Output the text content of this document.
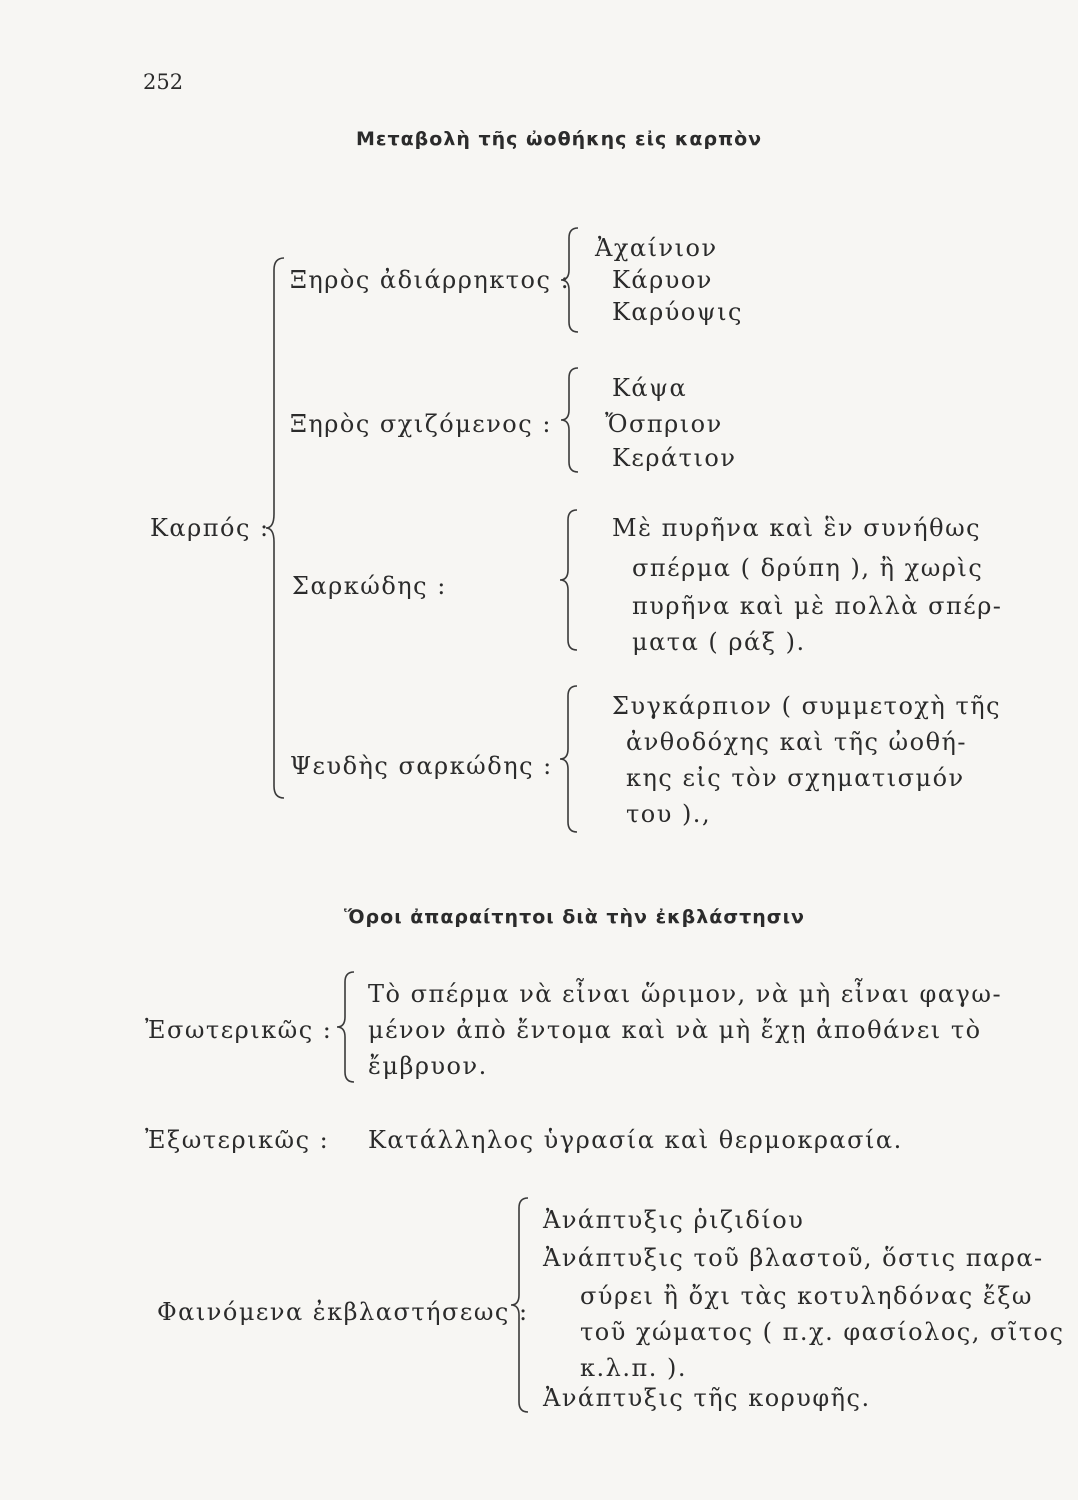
252
Μεταβολὴ τῆς ὠοθήκης εἰς καρπὸν
Καρπός :
Ξηρὸς ἀδιάρρηκτος :
Ἀχαίνιον
Κάρυον
Καρύοψις
Ξηρὸς σχιζόμενος :
Κάψα
Ὄσπριον
Κεράτιον
Σαρκώδης :
Μὲ πυρῆνα καὶ ἓν συνήθως
σπέρμα ( δρύπη ), ἢ χωρὶς
πυρῆνα καὶ μὲ πολλὰ σπέρ-
ματα ( ράξ ).
Ψευδὴς σαρκώδης :
Συγκάρπιον ( συμμετοχὴ τῆς
ἀνθοδόχης καὶ τῆς ὠοθή-
κης εἰς τὸν σχηματισμόν
του ).,
Ὅροι ἀπαραίτητοι διὰ τὴν ἐκβλάστησιν
Ἐσωτερικῶς :
Τὸ σπέρμα νὰ εἶναι ὥριμον, νὰ μὴ εἶναι φαγω-
μένον ἀπὸ ἔντομα καὶ νὰ μὴ ἔχῃ ἀποθάνει τὸ
ἔμβρυον.
Ἐξωτερικῶς : Κατάλληλος ὑγρασία καὶ θερμοκρασία.
Φαινόμενα ἐκβλαστήσεως :
Ἀνάπτυξις ῥιζιδίου
Ἀνάπτυξις τοῦ βλαστοῦ, ὅστις παρα-
σύρει ἢ ὄχι τὰς κοτυληδόνας ἔξω
τοῦ χώματος ( π.χ. φασίολος, σῖτος
κ.λ.π. ).
Ἀνάπτυξις τῆς κορυφῆς.
